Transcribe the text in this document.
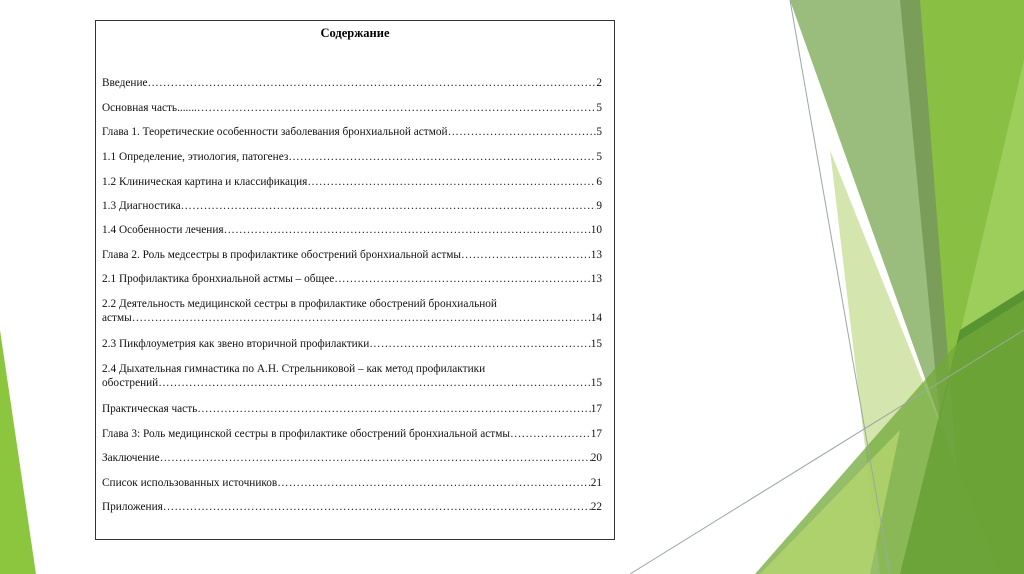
Содержание
Введение ………………………………………………………………………………………………………………………………………………………………………………………………………………………………………	2
Основная часть....... ………………………………………………………………………………………………………………………………………………………………………………………………………………………………………	5
Глава 1. Теоретические особенности заболевания бронхиальной астмой ………………………………………………………………………………………………………………………………………………………………………………………………………………………………………	5
1.1 Определение, этиология, патогенез ………………………………………………………………………………………………………………………………………………………………………………………………………………………………………	5
1.2 Клиническая картина и классификация ………………………………………………………………………………………………………………………………………………………………………………………………………………………………………	6
1.3 Диагностика ………………………………………………………………………………………………………………………………………………………………………………………………………………………………………	9
1.4 Особенности лечения ………………………………………………………………………………………………………………………………………………………………………………………………………………………………………	10
Глава 2. Роль медсестры в профилактике обострений бронхиальной астмы ………………………………………………………………………………………………………………………………………………………………………………………………………………………………………	13
2.1 Профилактика бронхиальной астмы – общее ………………………………………………………………………………………………………………………………………………………………………………………………………………………………………	13
2.2 Деятельность медицинской сестры в профилактике обострений бронхиальной
астмы ………………………………………………………………………………………………………………………………………………………………………………………………………………………………………	14
2.3 Пикфлоуметрия как звено вторичной профилактики ………………………………………………………………………………………………………………………………………………………………………………………………………………………………………	15
2.4 Дыхательная гимнастика по А.Н. Стрельниковой – как метод профилактики
обострений ………………………………………………………………………………………………………………………………………………………………………………………………………………………………………	15
Практическая часть ………………………………………………………………………………………………………………………………………………………………………………………………………………………………………	17
Глава 3: Роль медицинской сестры в профилактике обострений бронхиальной астмы ………………………………………………………………………………………………………………………………………………………………………………………………………………………………………	17
Заключение ………………………………………………………………………………………………………………………………………………………………………………………………………………………………………	20
Список использованных источников ………………………………………………………………………………………………………………………………………………………………………………………………………………………………………	21
Приложения ………………………………………………………………………………………………………………………………………………………………………………………………………………………………………	22
